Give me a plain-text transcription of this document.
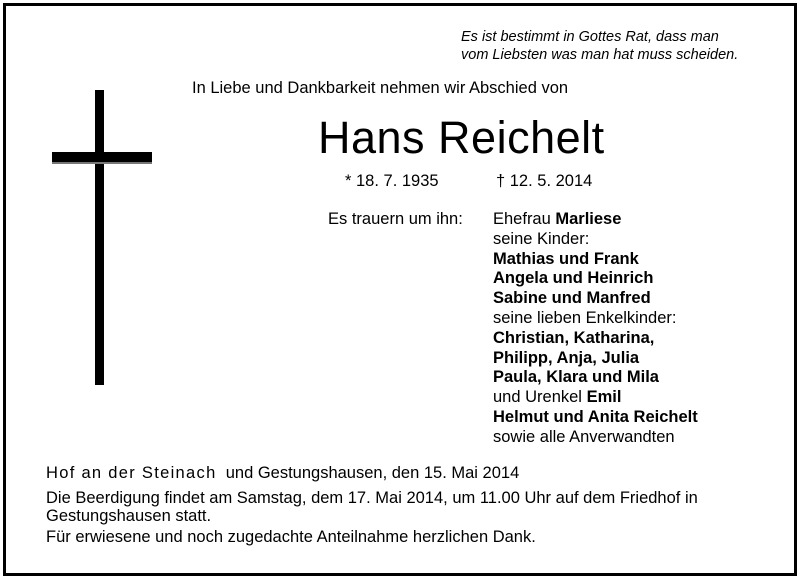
Es ist bestimmt in Gottes Rat, dass man
vom Liebsten was man hat muss scheiden.
In Liebe und Dankbarkeit nehmen wir Abschied von
Hans Reichelt
* 18. 7. 1935	† 12. 5. 2014
Es trauern um ihn: Ehefrau Marliese
seine Kinder:
Mathias und Frank
Angela und Heinrich
Sabine und Manfred
seine lieben Enkelkinder:
Christian, Katharina,
Philipp, Anja, Julia
Paula, Klara und Mila
und Urenkel Emil
Helmut und Anita Reichelt
sowie alle Anverwandten
Hof an der Steinach  und Gestungshausen, den 15. Mai 2014
Die Beerdigung findet am Samstag, dem 17. Mai 2014, um 11.00 Uhr auf dem Friedhof in
Gestungshausen statt.
Für erwiesene und noch zugedachte Anteilnahme herzlichen Dank.
